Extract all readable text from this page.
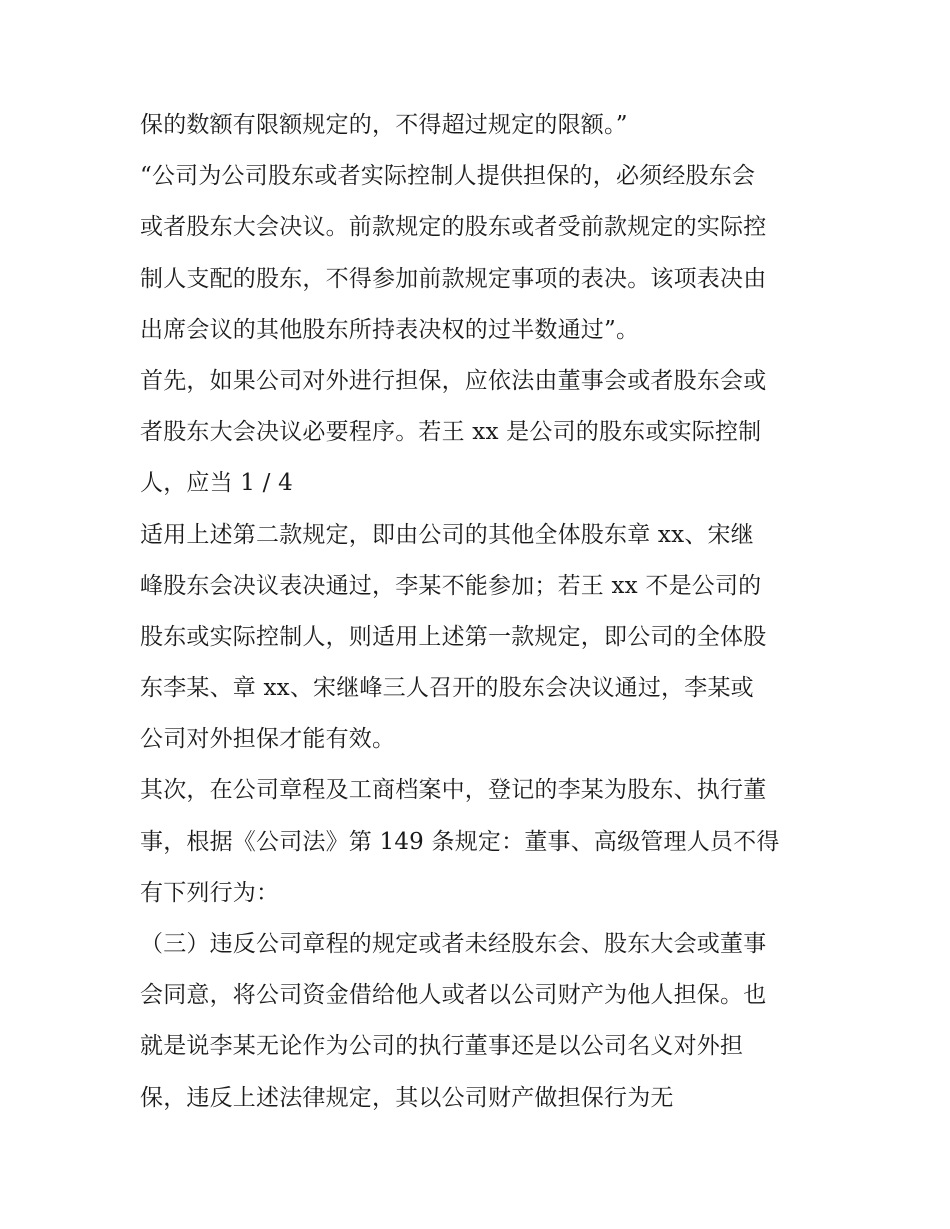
保的数额有限额规定的，不得超过规定的限额。”
“公司为公司股东或者实际控制人提供担保的，必须经股东会
或者股东大会决议。前款规定的股东或者受前款规定的实际控
制人支配的股东，不得参加前款规定事项的表决。该项表决由
出席会议的其他股东所持表决权的过半数通过”。
首先，如果公司对外进行担保，应依法由董事会或者股东会或
者股东大会决议必要程序。若王 xx 是公司的股东或实际控制
人，应当 1 / 4
适用上述第二款规定，即由公司的其他全体股东章 xx、宋继
峰股东会决议表决通过，李某不能参加；若王 xx 不是公司的
股东或实际控制人，则适用上述第一款规定，即公司的全体股
东李某、章 xx、宋继峰三人召开的股东会决议通过，李某或
公司对外担保才能有效。
其次，在公司章程及工商档案中，登记的李某为股东、执行董
事，根据《公司法》第 149 条规定：董事、高级管理人员不得
有下列行为：
（三）违反公司章程的规定或者未经股东会、股东大会或董事
会同意，将公司资金借给他人或者以公司财产为他人担保。也
就是说李某无论作为公司的执行董事还是以公司名义对外担
保，违反上述法律规定，其以公司财产做担保行为无
